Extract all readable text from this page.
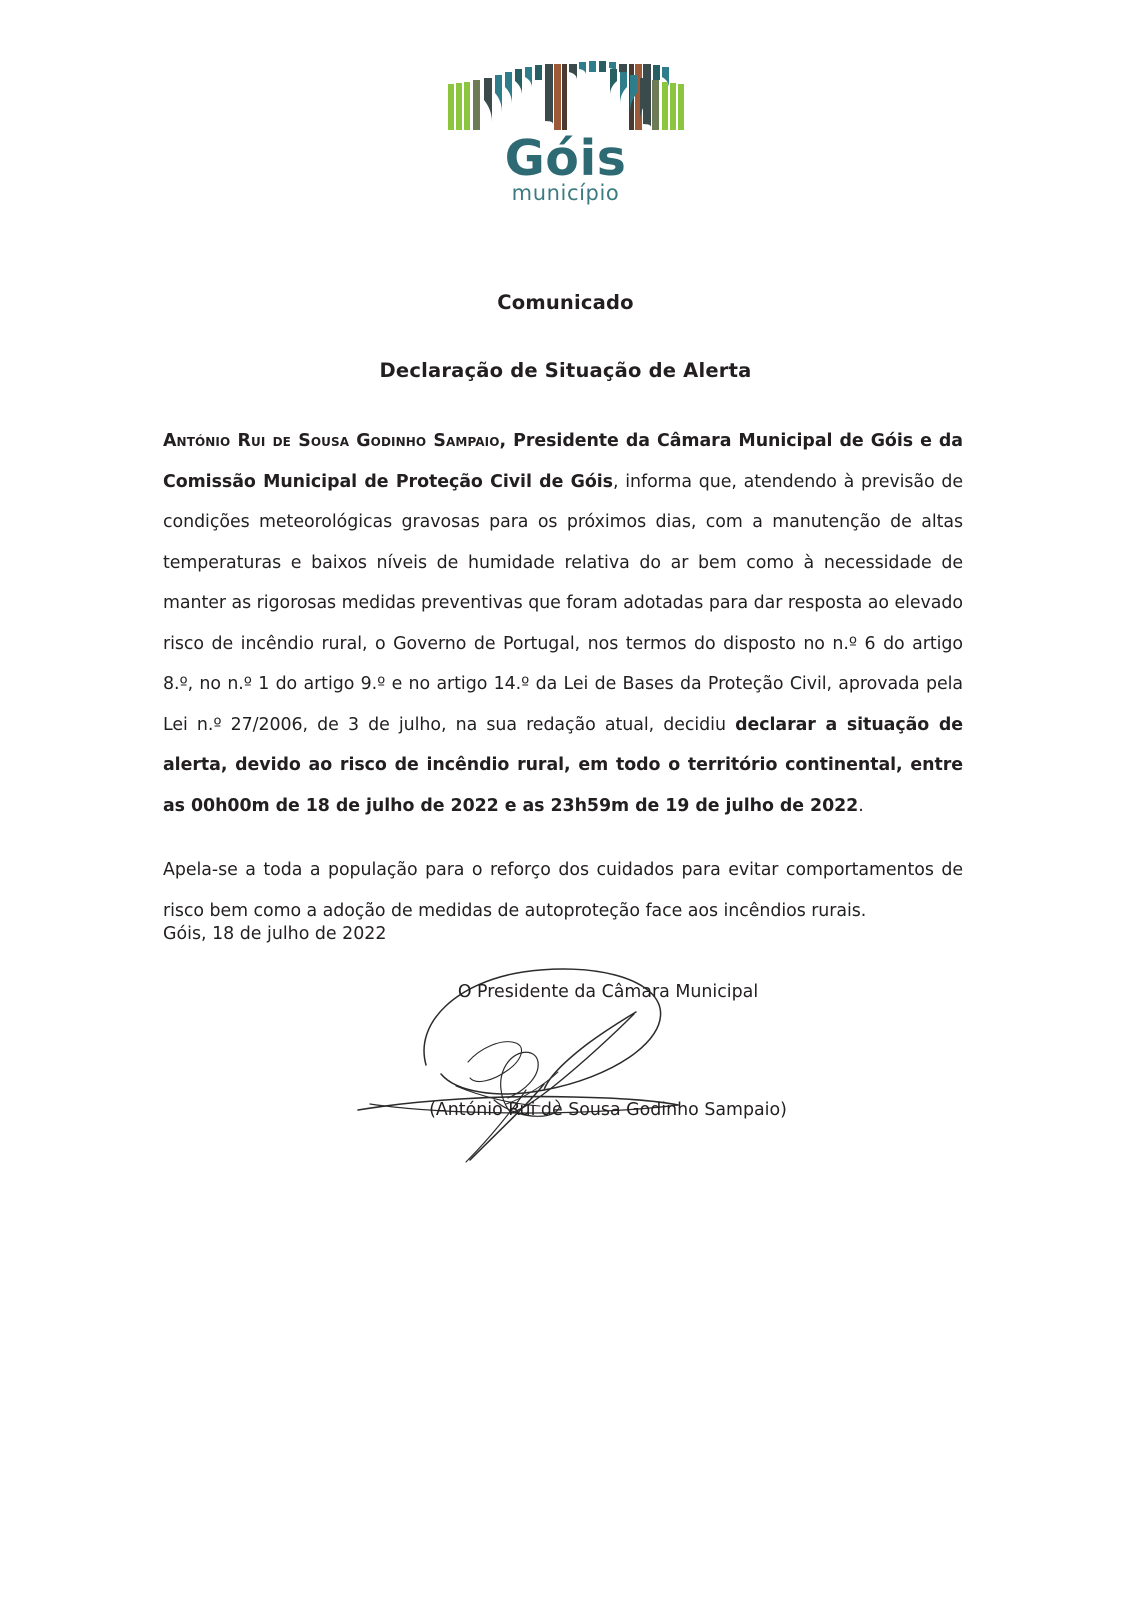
Góis
município
Comunicado
Declaração de Situação de Alerta

António Rui de Sousa Godinho Sampaio, Presidente da Câmara Municipal de Góis e da Comissão Municipal de Proteção Civil de Góis, informa que, atendendo à previsão de condições meteorológicas gravosas para os próximos dias, com a manutenção de altas temperaturas e baixos níveis de humidade relativa do ar bem como à necessidade de manter as rigorosas medidas preventivas que foram adotadas para dar resposta ao elevado risco de incêndio rural, o Governo de Portugal, nos termos do disposto no n.º 6 do artigo 8.º, no n.º 1 do artigo 9.º e no artigo 14.º da Lei de Bases da Proteção Civil, aprovada pela Lei n.º 27/2006, de 3 de julho, na sua redação atual, decidiu declarar a situação de alerta, devido ao risco de incêndio rural, em todo o território continental, entre as 00h00m de 18 de julho de 2022 e as 23h59m de 19 de julho de 2022.

Apela-se a toda a população para o reforço dos cuidados para evitar comportamentos de risco bem como a adoção de medidas de autoproteção face aos incêndios rurais.

Góis, 18 de julho de 2022
O Presidente da Câmara Municipal
(António Rui de Sousa Godinho Sampaio)
